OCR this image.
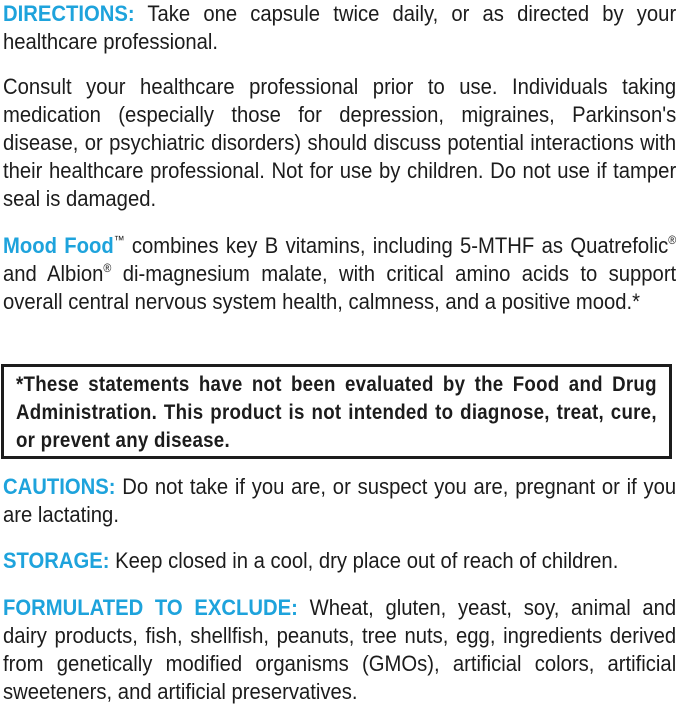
DIRECTIONS: Take one capsule twice daily, or as directed by your healthcare professional.
Consult your healthcare professional prior to use. Individuals taking medication (especially those for depression, migraines, Parkinson's disease, or psychiatric disorders) should discuss potential interactions with their healthcare professional. Not for use by children. Do not use if tamper seal is damaged.
Mood Food™ combines key B vitamins, including 5-MTHF as Quatrefolic® and Albion® di-magnesium malate, with critical amino acids to support overall central nervous system health, calmness, and a positive mood.*
*These statements have not been evaluated by the Food and Drug Administration. This product is not intended to diagnose, treat, cure, or prevent any disease.
CAUTIONS: Do not take if you are, or suspect you are, pregnant or if you are lactating.
STORAGE: Keep closed in a cool, dry place out of reach of children.
FORMULATED TO EXCLUDE: Wheat, gluten, yeast, soy, animal and dairy products, fish, shellfish, peanuts, tree nuts, egg, ingredients derived from genetically modified organisms (GMOs), artificial colors, artificial sweeteners, and artificial preservatives.
